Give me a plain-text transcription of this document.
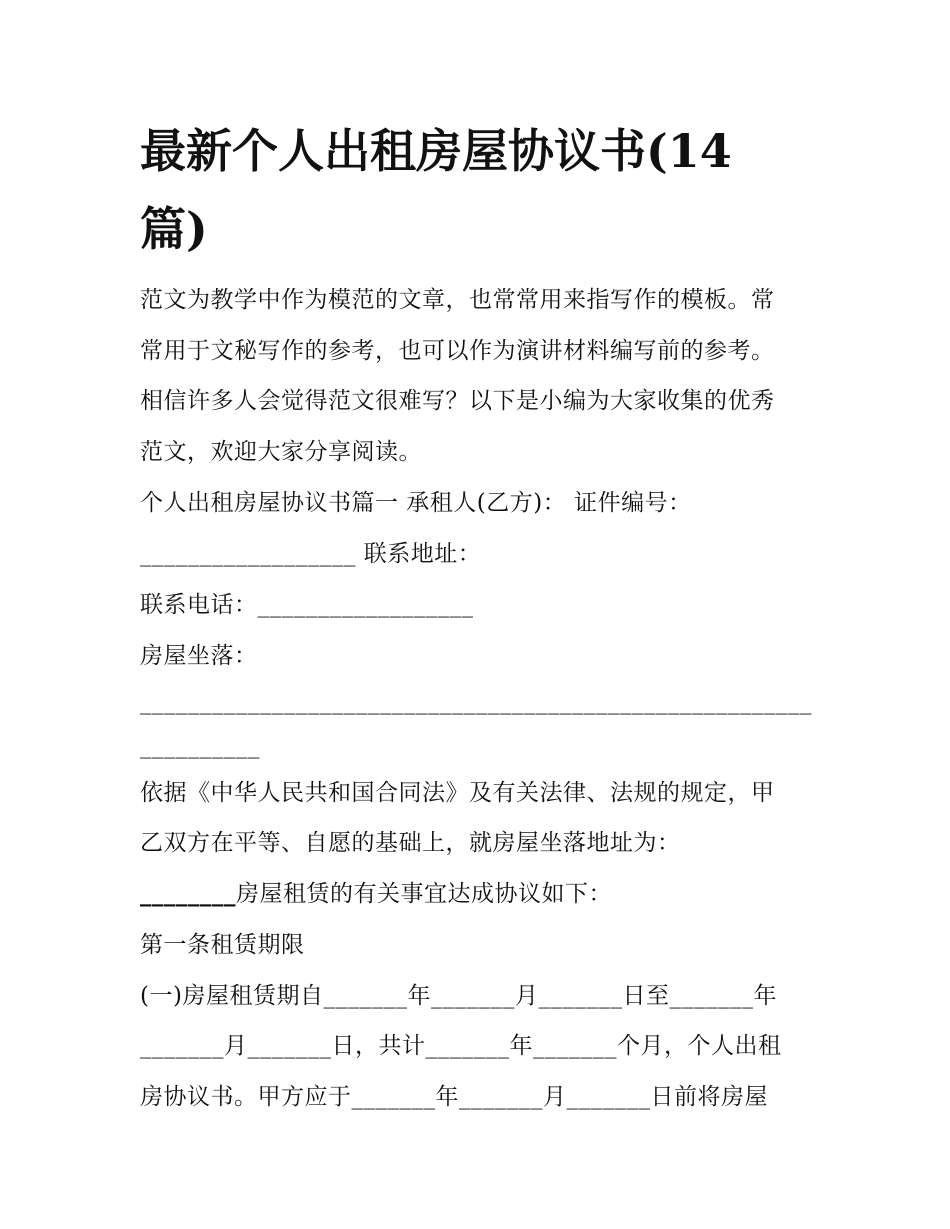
最新个人出租房屋协议书(14
篇)
范文为教学中作为模范的文章，也常常用来指写作的模板。常
常用于文秘写作的参考，也可以作为演讲材料编写前的参考。
相信许多人会觉得范文很难写？以下是小编为大家收集的优秀
范文，欢迎大家分享阅读。
个人出租房屋协议书篇一 承租人(乙方)： 证件编号：
__________________ 联系地址：
联系电话：__________________
房屋坐落：
________________________________________________________
__________
依据《中华人民共和国合同法》及有关法律、法规的规定，甲
乙双方在平等、自愿的基础上，就房屋坐落地址为：
________房屋租赁的有关事宜达成协议如下：
第一条租赁期限
(一)房屋租赁期自_______年_______月_______日至_______年
_______月_______日，共计_______年_______个月，个人出租
房协议书。甲方应于_______年_______月_______日前将房屋
